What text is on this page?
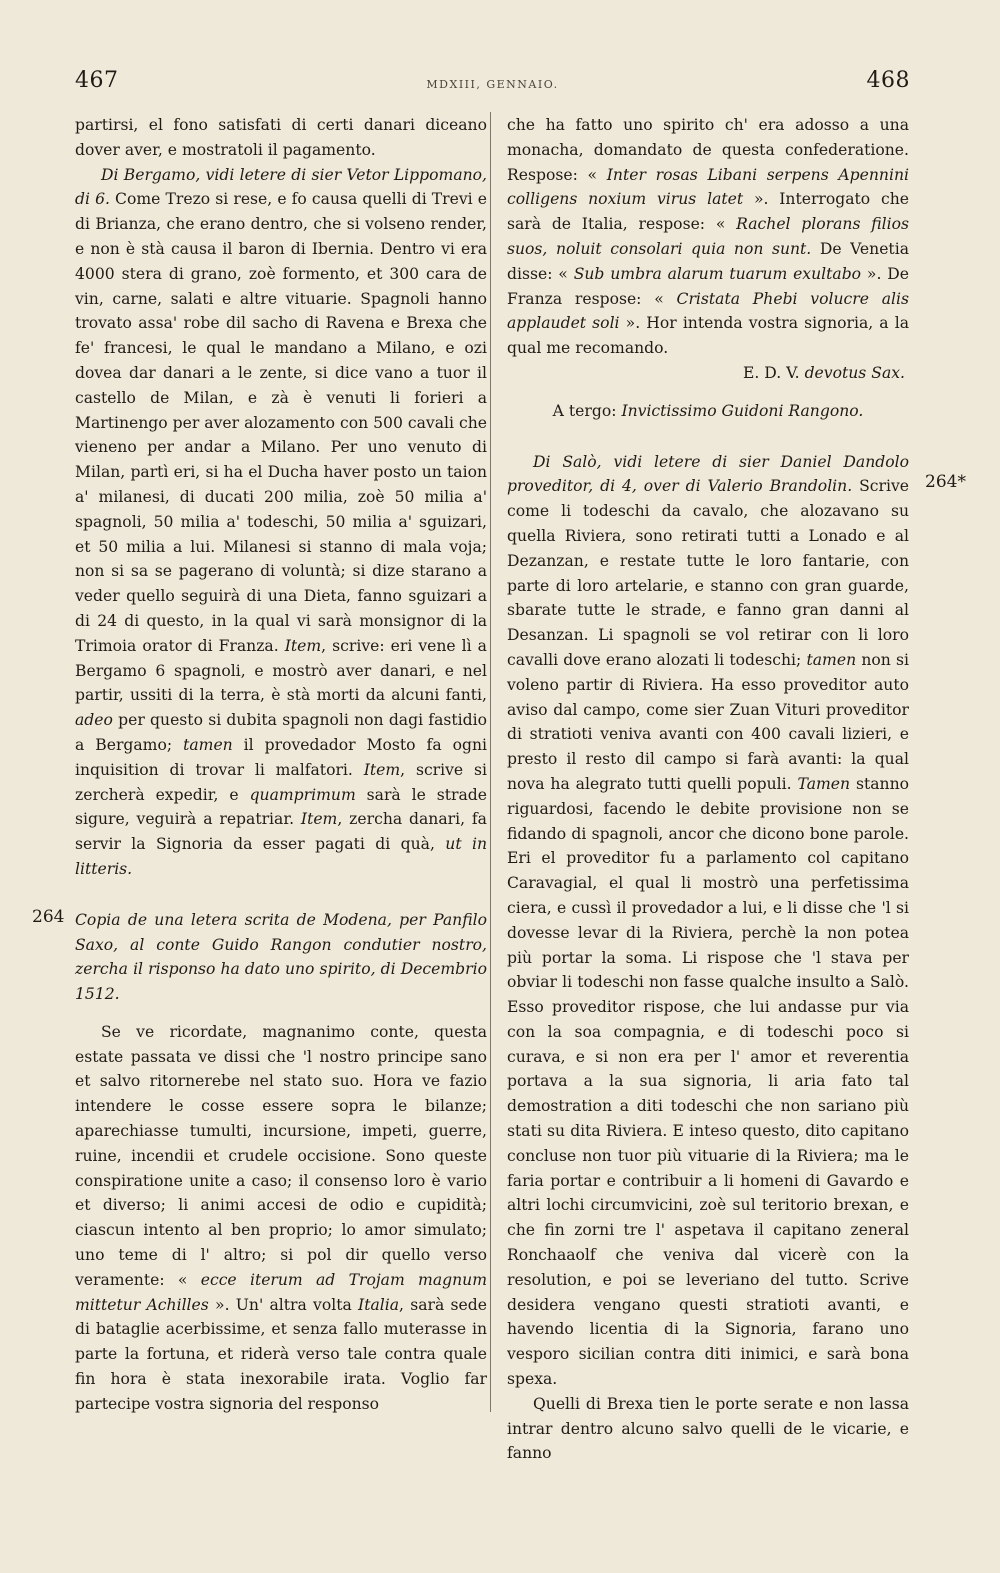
467	MDXIII, GENNAIO.	468
264
264*

partirsi, el fono satisfati di certi danari diceano dover aver, e mostratoli il pagamento.

Di Bergamo, vidi letere di sier Vetor Lippomano, di 6. Come Trezo si rese, e fo causa quelli di Trevi e di Brianza, che erano dentro, che si volseno render, e non è stà causa il baron di Ibernia. Dentro vi era 4000 stera di grano, zoè formento, et 300 cara de vin, carne, salati e altre vituarie. Spagnoli hanno trovato assa' robe dil sacho di Ravena e Brexa che fe' francesi, le qual le mandano a Milano, e ozi dovea dar danari a le zente, si dice vano a tuor il castello de Milan, e zà è venuti li forieri a Martinengo per aver alozamento con 500 cavali che vieneno per andar a Milano. Per uno venuto di Milan, partì eri, si ha el Ducha haver posto un taion a' milanesi, di ducati 200 milia, zoè 50 milia a' spagnoli, 50 milia a' todeschi, 50 milia a' sguizari, et 50 milia a lui. Milanesi si stanno di mala voja; non si sa se pagerano di voluntà; si dize starano a veder quello seguirà di una Dieta, fanno sguizari a di 24 di questo, in la qual vi sarà monsignor di la Trimoia orator di Franza. Item, scrive: eri vene lì a Bergamo 6 spagnoli, e mostrò aver danari, e nel partir, ussiti di la terra, è stà morti da alcuni fanti, adeo per questo si dubita spagnoli non dagi fastidio a Bergamo; tamen il provedador Mosto fa ogni inquisition di trovar li malfatori. Item, scrive si zercherà expedir, e quamprimum sarà le strade sigure, veguirà a repatriar. Item, zercha danari, fa servir la Signoria da esser pagati di quà, ut in litteris.

Copia de una letera scrita de Modena, per Panfilo Saxo, al conte Guido Rangon condutier nostro, zercha il risponso ha dato uno spirito, di Decembrio 1512.

Se ve ricordate, magnanimo conte, questa estate passata ve dissi che 'l nostro principe sano et salvo ritornerebe nel stato suo. Hora ve fazio intendere le cosse essere sopra le bilanze; aparechiasse tumulti, incursione, impeti, guerre, ruine, incendii et crudele occisione. Sono queste conspiratione unite a caso; il consenso loro è vario et diverso; li animi accesi de odio e cupidità; ciascun intento al ben proprio; lo amor simulato; uno teme di l' altro; si pol dir quello verso veramente: « ecce iterum ad Trojam magnum mittetur Achilles ». Un' altra volta Italia, sarà sede di bataglie acerbissime, et senza fallo muterasse in parte la fortuna, et riderà verso tale contra quale fin hora è stata inexorabile irata. Voglio far partecipe vostra signoria del responso

che ha fatto uno spirito ch' era adosso a una monacha, domandato de questa confederatione. Respose: « Inter rosas Libani serpens Apennini colligens noxium virus latet ». Interrogato che sarà de Italia, respose: « Rachel plorans filios suos, noluit consolari quia non sunt. De Venetia disse: « Sub umbra alarum tuarum exultabo ». De Franza respose: « Cristata Phebi volucre alis applaudet soli ». Hor intenda vostra signoria, a la qual me recomando.

E. D. V. devotus Sax.

A tergo: Invictissimo Guidoni Rangono.

Di Salò, vidi letere di sier Daniel Dandolo proveditor, di 4, over di Valerio Brandolin. Scrive come li todeschi da cavalo, che alozavano su quella Riviera, sono retirati tutti a Lonado e al Dezanzan, e restate tutte le loro fantarie, con parte di loro artelarie, e stanno con gran guarde, sbarate tutte le strade, e fanno gran danni al Desanzan. Li spagnoli se vol retirar con li loro cavalli dove erano alozati li todeschi; tamen non si voleno partir di Riviera. Ha esso proveditor auto aviso dal campo, come sier Zuan Vituri proveditor di stratioti veniva avanti con 400 cavali lizieri, e presto il resto dil campo si farà avanti: la qual nova ha alegrato tutti quelli populi. Tamen stanno riguardosi, facendo le debite provisione non se fidando di spagnoli, ancor che dicono bone parole. Eri el proveditor fu a parlamento col capitano Caravagial, el qual li mostrò una perfetissima ciera, e cussì il provedador a lui, e li disse che 'l si dovesse levar di la Riviera, perchè la non potea più portar la soma. Li rispose che 'l stava per obviar li todeschi non fasse qualche insulto a Salò. Esso proveditor rispose, che lui andasse pur via con la soa compagnia, e di todeschi poco si curava, e si non era per l' amor et reverentia portava a la sua signoria, li aria fato tal demostration a diti todeschi che non sariano più stati su dita Riviera. E inteso questo, dito capitano concluse non tuor più vituarie di la Riviera; ma le faria portar e contribuir a li homeni di Gavardo e altri lochi circumvicini, zoè sul teritorio brexan, e che fin zorni tre l' aspetava il capitano zeneral Ronchaaolf che veniva dal vicerè con la resolution, e poi se leveriano del tutto. Scrive desidera vengano questi stratioti avanti, e havendo licentia di la Signoria, farano uno vesporo sicilian contra diti inimici, e sarà bona spexa.

Quelli di Brexa tien le porte serate e non lassa intrar dentro alcuno salvo quelli de le vicarie, e fanno
